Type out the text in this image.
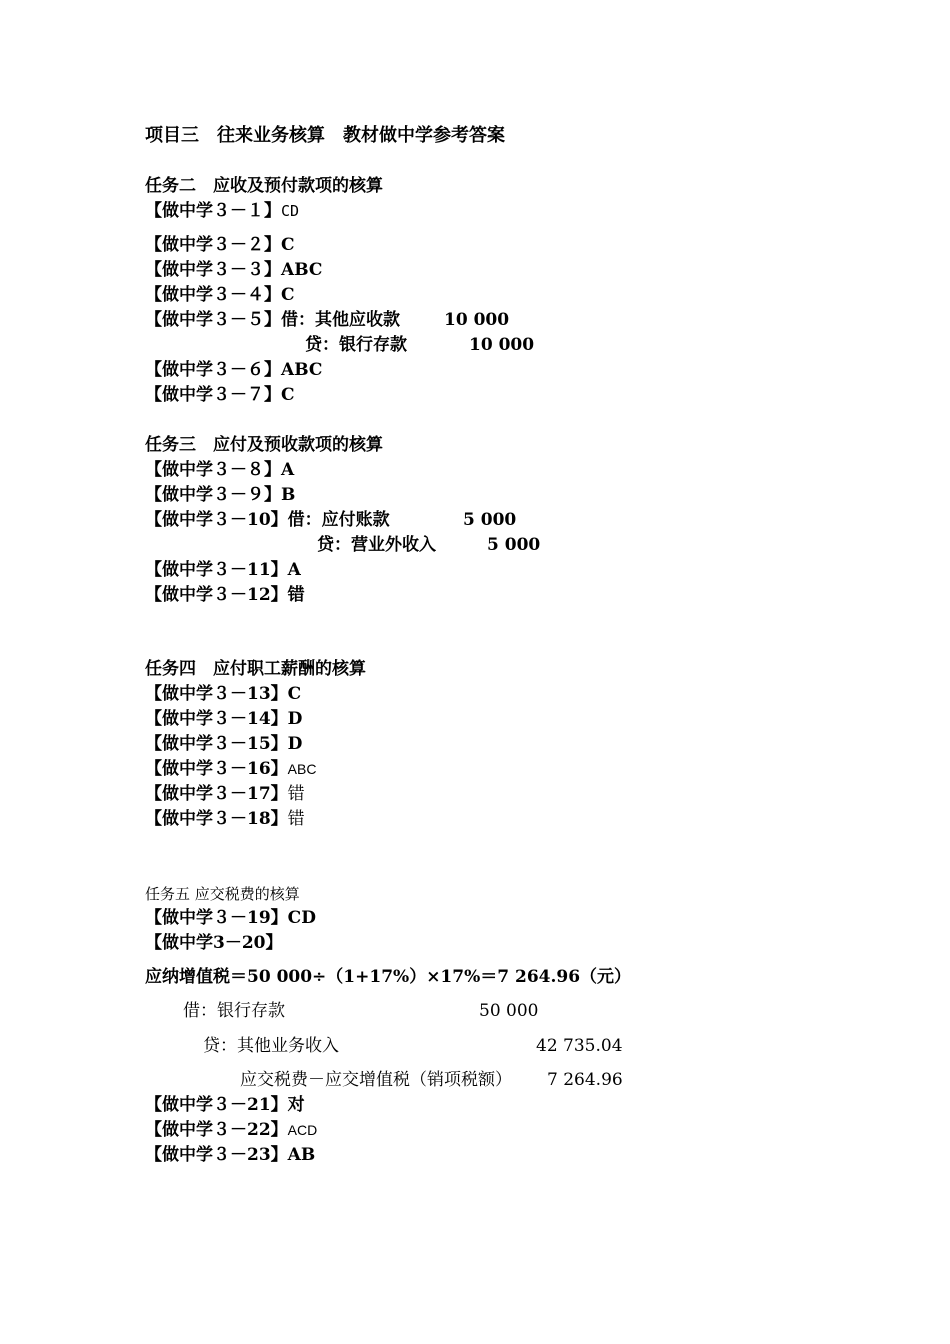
项目三　往来业务核算　教材做中学参考答案
任务二　应收及预付款项的核算
【做中学３－１】CD
【做中学３－２】C
【做中学３－３】ABC
【做中学３－４】C
【做中学３－５】借：其他应收款	10 000
贷：银行存款	10 000
【做中学３－６】ABC
【做中学３－７】C
任务三　应付及预收款项的核算
【做中学３－８】A
【做中学３－９】B
【做中学３－10】借：应付账款	5 000
贷：营业外收入	5 000
【做中学３－11】A
【做中学３－12】错
任务四　应付职工薪酬的核算
【做中学３－13】C
【做中学３－14】D
【做中学３－15】D
【做中学３－16】ABC
【做中学３－17】错
【做中学３－18】错
任务五 应交税费的核算
【做中学３－19】CD
【做中学3－20】
应纳增值税＝50 000÷（1+17%）×17%＝7 264.96（元）
借：银行存款	50 000
贷：其他业务收入	42 735.04
应交税费－应交增值税（销项税额） 7 264.96
【做中学３－21】对
【做中学３－22】ACD
【做中学３－23】AB
